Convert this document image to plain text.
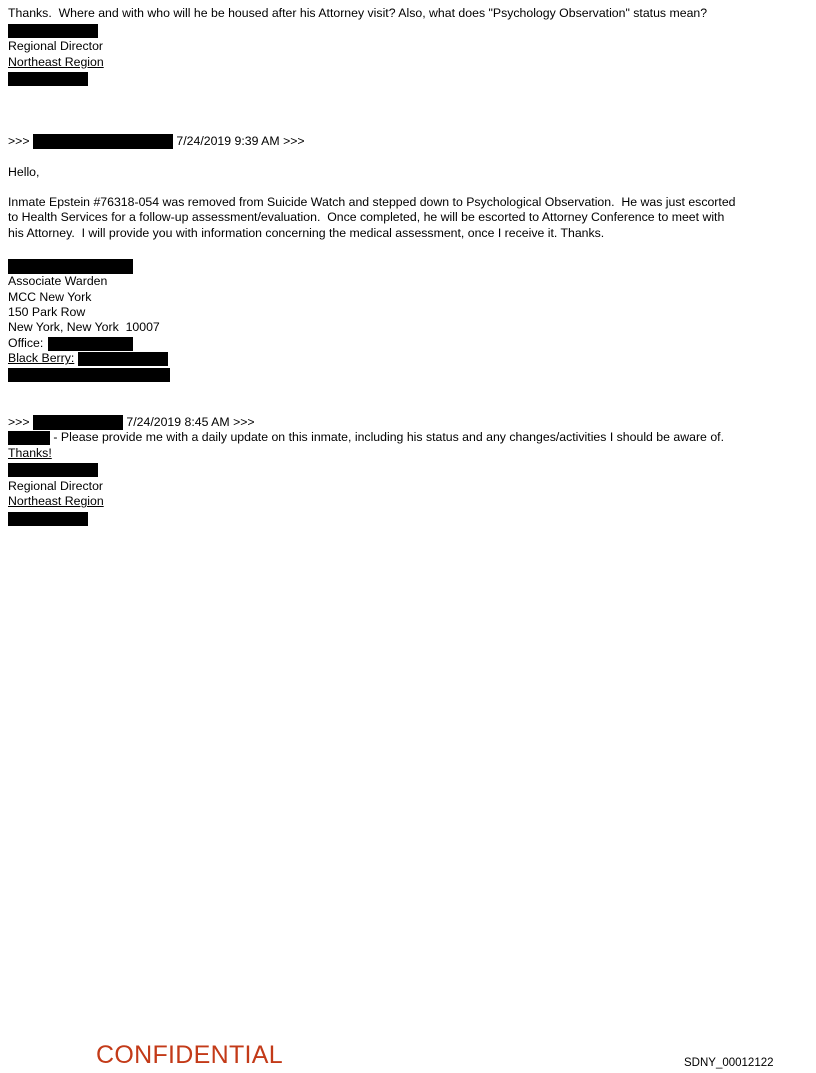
Thanks.  Where and with who will he be housed after his Attorney visit? Also, what does "Psychology Observation" status mean?
Regional Director
Northeast Region
>>>	7/24/2019 9:39 AM >>>
Hello,
Inmate Epstein #76318-054 was removed from Suicide Watch and stepped down to Psychological Observation.  He was just escorted
to Health Services for a follow-up assessment/evaluation.  Once completed, he will be escorted to Attorney Conference to meet with
his Attorney.  I will provide you with information concerning the medical assessment, once I receive it. Thanks.
Associate Warden
MCC New York
150 Park Row
New York, New York  10007
Office:
Black Berry:
>>>	7/24/2019 8:45 AM >>>
- Please provide me with a daily update on this inmate, including his status and any changes/activities I should be aware of.
Thanks!
Regional Director
Northeast Region
CONFIDENTIAL	SDNY_00012122
